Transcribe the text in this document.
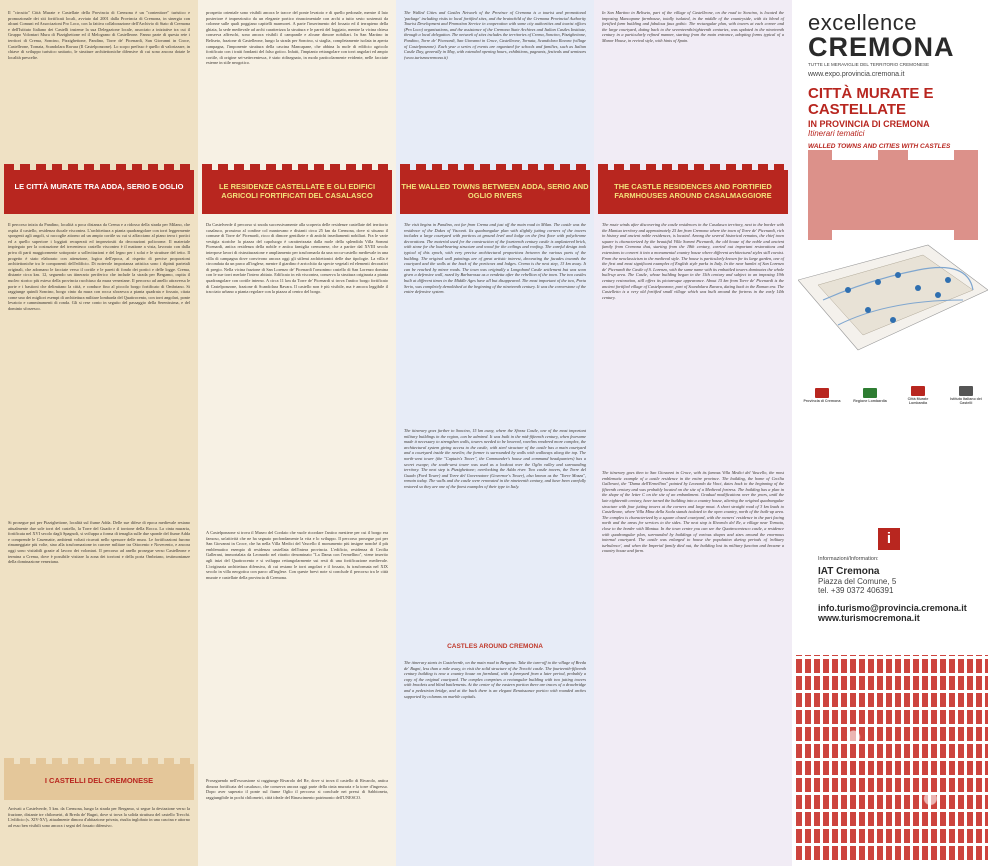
Il "circuito" Città Murate e Castellate della Provincia di Cremona è un "contenitore" turistico e promozionale dei siti fortificati locali, avviato dal 2001 dalla Provincia di Cremona, in sinergia con alcuni Comuni ed Associazioni Pro Loco, con la fattiva collaborazione dell'Archivio di Stato di Cremona e dell'Istituto Italiano dei Castelli insieme la sua Delegazione locale, associato a iniziative tra cui il Gruppo Volontari Mura di Pizzighettone ed il Melograno di Castelleone. Fanno parte di questa rete i territori di Crema, Soncino, Pizzighettone, Pandino, Torre de' Picenardi, San Giovanni in Croce, Castelleone, Tornata, Scandolara Ravara (Il Castelponzone). Lo scopo prefisso è quello di valorizzare, in chiave di sviluppo turistico unitario, le strutture architettoniche difensive di cui sono ancora dotate le località prescelte.
LE CITTÀ MURATE TRA ADDA, SERIO E OGLIO
Il percorso inizia da Pandino, località a poca distanza da Crema e a ridosso della strada per Milano, che ospita il castello, residenza ducale visconteа. L'architettura a pianta quadrangolare con torri leggermente sporgenti agli angoli, si raccoglie attorno ad un ampio cortile su cui si affacciano al piano terra i portici ed a quello superiore i loggiati recuperati ed impreziositi da decorazioni policrome. Il materiale impiegato per la costruzione del trecentesco castello visconteo è il mattone a vista, lavorato con dalla priva di parti maggiormente sottoposte a sollecitazioni e del legno per i solai e le strutture del tetto. Il progetto è stato elaborato con attenzione, logica dell'epoca, al rispetto di precise proporzioni architettoniche tra le componenti dell'edificio. Di notevole importanza artistica sono i dipinti parietali originali, che adornano le facciate verso il cortile e le pareti di fondo dei portici e delle logge. Crema, distante circa km. 12, seguendo un itinerario periferico che include la strada per Bergamo, ospita il nucleo storico più esteso della provincia racchiuso da mura veneziane. Il percorso ad anello attraversa le porte e i bastioni che delimitano la città, e conduce fino al piccolo borgo fortificato di Ombriano. Si raggiunge quindi Soncino, borgo cinto da mura con rocca sforzesca a pianta quadrata e fossato, citata come uno dei migliori esempi di architettura militare lombarda del Quattrocento, con torri angolari, ponte levatoio e camminamenti di ronda. Gli si rese conto in seguito del passaggio della Serenissima, e del dominio sforzesco.
Si prosegue poi per Pizzighettone, località sul fiume Adda. Delle sue difese di epoca medievale restano attualmente due sole torri del castello, la Torre del Guado e il torrione della Rocca. La cinta muraria, fortificata nel XVI secolo dagli Spagnoli, si sviluppa a forma di tenaglia sulle due sponde del fiume Adda e comprende le Casematte, ambienti voltati ricavati nello spessore delle mura. Le fortificazioni furono rimaneggiate più volte, sino alla trasformazione in carcere militare tra Ottocento e Novecento, e ancora oggi sono visitabili grazie al lavoro dei volontari. Il percorso ad anello prosegue verso Castelleone e termina a Crema, dove è possibile visitare la zona dei torrioni e della porta Ombriano, testimonianze della dominazione veneziana.
I CASTELLI DEL CREMONESE
Arrivati a Castelverde, 5 km. da Cremona, lungo la strada per Bergamo, si segue la deviazione verso la frazione, distante tre chilometri, di Breda de' Bugni, dove si trova la solida struttura del castello Trecchi. L'edificio (s. XIV-XV), attualmente dimora d'abitazione privata, risulta inglobato in una cascina e attorno ad esso ben visibili sono ancora i segni del fossato difensivo.
prospetto orientale sono visibili ancora le tracce del ponte levatoio e di quello pedonale, mentre il lato posteriore è impreziosito da un elegante portico rinascimentale con archi a tutto sesto sostenuti da colonne sulle quali poggiano capitelli marmorei. A parte l'inserimento del fossato ed il terrapieno della ghiaia, la sede medievale ad archi caratterizza la struttura e le pareti del loggiato, mentre la vicina chiesa conserva affreschi, sono ancora visibili il campanile e alcune dimore nobiliari. In San Martino in Beliseto, frazione di Castelleone, lungo la strada per Soncino, si staglia, completamente isolata in aperta campagna, l'imponente struttura della cascina Mancapane, che abbina la mole di edificio agricolo fortificato con i tratti fondanti del falso gotico. Infatti, l'impianto rettangolare con torri angolari ed ampio cortile, di origine sei-settecentesca, è stato ridisegnato, in modo particolarmente evidente, nelle facciate esterne in stile neogotico.
LE RESIDENZE CASTELLATE E GLI EDIFICI AGRICOLI FORTIFICATI DEL CASALASCO
Da Castelverde il percorso si snoda successivamente alla scoperta delle residenze castellate del territorio casalasco, prossimo al confine col mantovano e distanti circa 25 km da Cremona, dove si situano il comune di Torre de' Picenardi, ricco di dimore gentilizie e di antichi insediamenti nobiliari. Fra le varie vestigia storiche la piazza del capoluogo è caratterizzata dalla mole della splendida Villa Sommi Picenardi, antica residenza della nobile e antica famiglia cremonese, che a partire dal XVIII secolo interpose lavori di ristrutturazione e ampliamento per trasformarla da una rocca-castello medievale in una villa di campagna dove convivono ancora oggi gli stilemi architettonici delle due tipologie. La villa è circondata da un parco all'inglese, mentre il giardino è arricchito da specie vegetali ed elementi decorativi di pregio. Nella vicina frazione di San Lorenzo de' Picenardi l'omonimo castello di San Lorenzo domina con le sue torri merlate l'intero abitato. Edificato in età viscontea, conserva la struttura originaria a pianta quadrangolare con cortile interno. A circa 11 km da Torre de' Picenardi si trova l'antico borgo fortificato di Castelponzone, frazione di Scandolara Ravara. Il castello non è più visibile, ma è ancora leggibile il tracciato urbano a pianta regolare con la piazza al centro del borgo.
A Castelponzone si trova il Museo del Cordaio che vuole ricordare l'antico mestiere per cui il borgo era famoso, un'attività che ne ha segnato profondamente la vita e lo sviluppo. Il percorso prosegue poi per San Giovanni in Croce, che ha nella Villa Medici del Vascello il monumento più insigne nonché il più emblematico esempio di residenza castellata dell'intera provincia. L'edificio, residenza di Cecilia Gallerani, immortalata da Leonardo nel ritratto denominato "La Dama con l'ermellino", viene inserito agli inizi del Quattrocento e si sviluppa rettangolarmente sui resti di una fortificazione medievale. L'originaria architettura difensiva, di cui restano le torri angolari e il fossato, fu trasformata nel XIX secolo in villa neogotica con parco all'inglese. Con queste brevi note si conclude il percorso tra le città murate e castellate della provincia di Cremona.
Proseguendo nell'escursione si raggiunge Rivarolo del Re, dove si trova il castello di Rivarolo, antica dimora fortificata del casalasco, che conserva ancora oggi parte della cinta muraria e la torre d'ingresso. Dopo aver superato il ponte sul fiume Oglio il percorso si conclude nei pressi di Sabbioneta, raggiungibile in pochi chilometri, città ideale del Rinascimento patrimonio dell'UNESCO.
The Walled Cities and Castles Network of the Province of Cremona is a tourist and promotional 'package' including visits to local fortified sites, and the brainchild of the Cremona Provincial Authority Tourist Development and Promotion Service in cooperation with some city authorities and tourist offices (Pro Loco) organisations, and the assistance of the Cremona State Archives and Italian Castles Institute, through a local delegation. The network of sites includes the territories of Crema, Soncino, Pizzighettone, Pandino, Torre de' Picenardi, San Giovanni in Croce, Castelleone, Tornata, Scandolara Ravara (village of Castelponzone). Each year a series of events are organized for schools and families, such as Italian Castle Day, generally in May, with extended opening hours, exhibitions, pageants, festivals and seminars (www.turismocremona.it)
THE WALLED TOWNS BETWEEN ADDA, SERIO AND OGLIO RIVERS
The visit begins in Pandino, not far from Crema and just off the main road to Milan. The castle was the residence of the Dukes of Visconti. Its quadrangular plan with slightly jutting corners of the towers includes a large courtyard with porticos at ground level and lodge on the first floor with polychrome decorations. The material used for the construction of the fourteenth century castle is unplastered brick, with stone for the load-bearing structure and wood for the ceilings and roofing. The careful design took typical of this epoch, with very precise architectural proportions between the various parts of the building. The original wall paintings are of great artistic interest, decorating the facades towards the courtyard and the walls at the back of the porticoes and lodges. Crema is the next step, 13 km away. It can be reached by minor roads. The town was originally a Longobard Castle settlement but was soon given a defensive wall, razed by Barbarossa as a vendetta after the rebellion of the town. The two castles built at different times in the Middle Ages have all but disappeared. The most important of the two, Porta Serio, was completely demolished at the beginning of the nineteenth century. It was the cornerstone of the entire defensive system.
The itinerary goes further to Soncino, 15 km away, where the Sforza Castle, one of the most important military buildings in the region, can be admired. It was built in the mid-fifteenth century, when fearsome made it necessary to strengthen walls, towers needed to be lowered, ravelins rendered more complex, the architectural system giving access to the castle, with steel structure of the castle has a main courtyard and a courtyard inside the ravelin; the former is surrounded by walls with walkways along the top. The north-west tower (the "Captain's Tower", the Commander's house and command headquarters) has a secret escape; the south-west tower was used as a lookout over the Oglio valley and surrounding territory. The next step is Pizzighettone; overlooking the Adda river. Two castle towers, the Torre del Guado (Ford Tower) and Torre del Governatore (Governor's Tower), also known as the "Torre Mozza", remain today. The walls and the castle were renovated in the nineteenth century, and have been carefully restored so they are one of the finest examples of their type in Italy.
CASTLES AROUND CREMONA
The itinerary starts in Castelverde, on the main road to Bergamo. Take the turn-off to the village of Breda de' Bugni, less than a mile away, to visit the solid structure of the Trecchi castle. The fourteenth-fifteenth century building is now a country house on farmland, with a farmyard from a later period, probably a copy of the original courtyard. The complex comprises a rectangular building with two jutting towers with brackets and blind battlements. At the center of the eastern portion there are traces of a drawbridge and a pedestrian bridge, and at the back there is an elegant Renaissance portico with rounded arches supported by columns on marble capitals.
In San Martino in Beliseto, part of the village of Castelleone, on the road to Soncino, is located the imposing Mancapane farmhouse, totally isolated, in the middle of the countryside, with its blend of fortified farm building and fabulous faux gothic. The rectangular plan, with towers at each corner and the large courtyard, dating back to the seventeenth/eighteenth centuries, was updated in the nineteenth century in a particularly refined manner, starting from the main entrance, adopting forms typical of a Manor House, in revival style, with hints of Spain.
THE CASTLE RESIDENCES AND FORTIFIED FARMHOUSES AROUND CASALMAGGIORE
The route winds after discovering the castle residences in the Casalasco territory, next to the border with the Mantua territory and approximately 25 km from Cremona where the town of Torre de' Picenardi, rich in history and ancient noble residences, is located. Among the several historical remains, the chief town square is characterized by the beautiful Villa Sommi Picenardi, the old house of the noble and ancient family from Cremona that, starting from the 18th century, carried out important restorations and extensions to convert it into a monumental country house where different architectural styles still coexist. From the neoclassicism to the medieval style. The house is particularly known for its large garden, one of the first and most significant examples of English style parks in Italy. In the near hamlet of San Lorenzo de' Picenardi the Castle of S. Lorenzo, with the same name with its embattled towers dominates the whole built-up area. The Castle, whose building began in the 15th century and subject to an imposing 19th century restoration, still offers its picturesque appearance. About 15 km from Torre de' Picenardi is the ancient fortified village of Castelponzone, part of Scandolara Ravara, dating back to the Roman era. The Castelletto is a very old fortified small village which was built around the fortress in the early 14th century.
The itinerary goes then to San Giovanni in Croce, with its famous Villa Medici del Vascello, the most emblematic example of a castle residence in the entire province. The building, the home of Cecilia Gallerani, the "Dama dell'Ermellino" painted by Leonardo da Vinci, dates back to the beginning of the fifteenth century and was probably located on the site of a Medieval fortress. The building has a plan in the shape of the letter C on the site of an embankment. Gradual modifications over the years, until the late eighteenth century, have turned the building into a country house, altering the original quadrangular structure with four jutting towers at the corners and large moat. A short straight road of 3 km leads to Castelleone, where Villa Mina della Scala stands isolated in the open country, north of the built-up area. The complex is characterized by a square closed courtyard, with the owners' residence in the part facing north and the areas for services to the sides. The next stop is Rivarolo del Re, a village near Tornata, close to the border with Mantua. In the town centre you can see the Quattrocentesco castle, a residence with quadrangular plan, surrounded by buildings of various shapes and sizes around the enormous internal courtyard. The castle was enlarged to house the population during periods of 'military turbulence', and when the Imperial family died out, the building lost its military function and became a country house and farm.
excellence
CREMONA
TUTTE LE MERAVIGLIE DEL TERRITORIO CREMONESE
www.expo.provincia.cremona.it
CITTÀ MURATE E CASTELLATE
IN PROVINCIA DI CREMONA
Itinerari tematici
WALLED TOWNS AND CITIES WITH CASTLES
Provincia di Cremona	Regione Lombardia	Città Murate Lombardia
Istituto Italiano dei Castelli
i
Informazioni/Information:
IAT Cremona
Piazza del Comune, 5
tel. +39 0372 406391
info.turismo@provincia.cremona.it
www.turismocremona.it
